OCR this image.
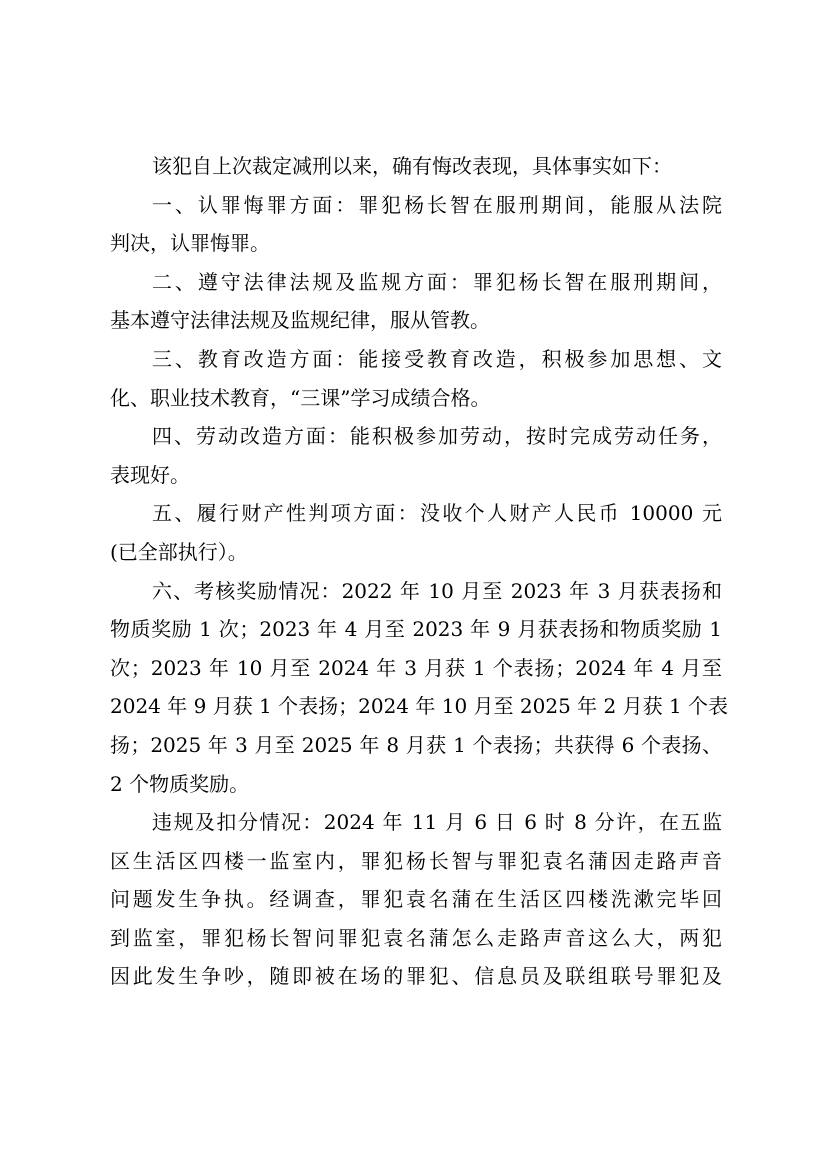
该犯自上次裁定减刑以来，确有悔改表现，具体事实如下：
一、认罪悔罪方面：罪犯杨长智在服刑期间，能服从法院
判决，认罪悔罪。
二、遵守法律法规及监规方面：罪犯杨长智在服刑期间，
基本遵守法律法规及监规纪律，服从管教。
三、教育改造方面：能接受教育改造，积极参加思想、文
化、职业技术教育，“三课”学习成绩合格。
四、劳动改造方面：能积极参加劳动，按时完成劳动任务，
表现好。
五、履行财产性判项方面：没收个人财产人民币 10000 元
(已全部执行）。
六、考核奖励情况：2022 年 10 月至 2023 年 3 月获表扬和
物质奖励 1 次；2023 年 4 月至 2023 年 9 月获表扬和物质奖励 1
次；2023 年 10 月至 2024 年 3 月获 1 个表扬；2024 年 4 月至
2024 年 9 月获 1 个表扬；2024 年 10 月至 2025 年 2 月获 1 个表
扬；2025 年 3 月至 2025 年 8 月获 1 个表扬；共获得 6 个表扬、
2 个物质奖励。
违规及扣分情况：2024 年 11 月 6 日 6 时 8 分许，在五监
区生活区四楼一监室内，罪犯杨长智与罪犯袁名蒲因走路声音
问题发生争执。经调查，罪犯袁名蒲在生活区四楼洗漱完毕回
到监室，罪犯杨长智问罪犯袁名蒲怎么走路声音这么大，两犯
因此发生争吵，随即被在场的罪犯、信息员及联组联号罪犯及
